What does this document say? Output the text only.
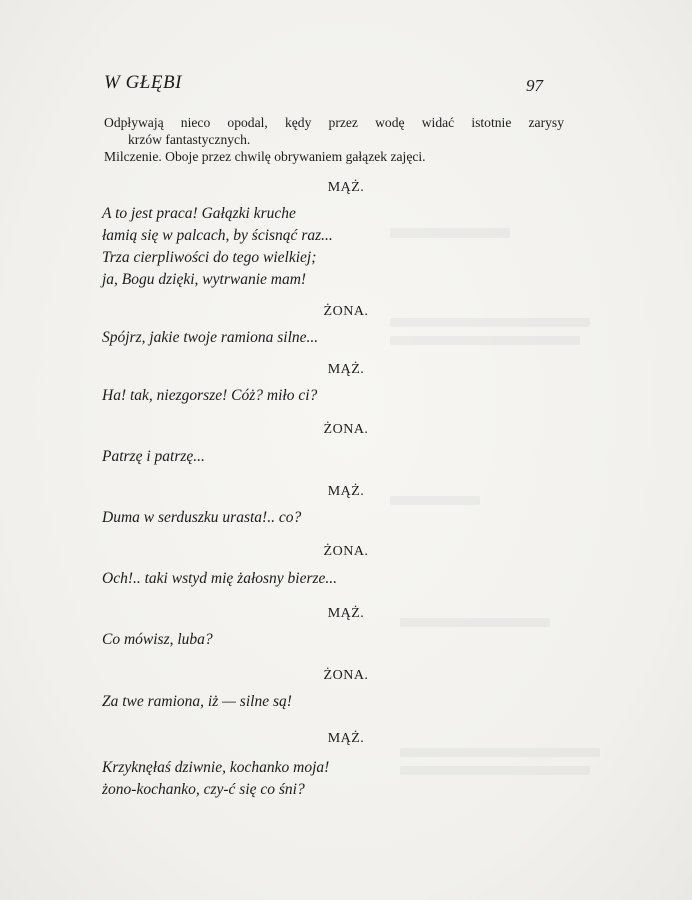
W GŁĘBI	97
Odpływają nieco opodal, kędy przez wodę widać istotnie zarysy
krzów fantastycznych.
Milczenie. Oboje przez chwilę obrywaniem gałązek zajęci.
MĄŻ.
A to jest praca! Gałązki kruche
łamią się w palcach, by ścisnąć raz...
Trza cierpliwości do tego wielkiej;
ja, Bogu dzięki, wytrwanie mam!
ŻONA.
Spójrz, jakie twoje ramiona silne...
MĄŻ.
Ha! tak, niezgorsze! Cóż? miło ci?
ŻONA.
Patrzę i patrzę...
MĄŻ.
Duma w serduszku urasta!.. co?
ŻONA.
Och!.. taki wstyd mię żałosny bierze...
MĄŻ.
Co mówisz, luba?
ŻONA.
Za twe ramiona, iż — silne są!
MĄŻ.
Krzyknęłaś dziwnie, kochanko moja!
żono-kochanko, czy-ć się co śni?
